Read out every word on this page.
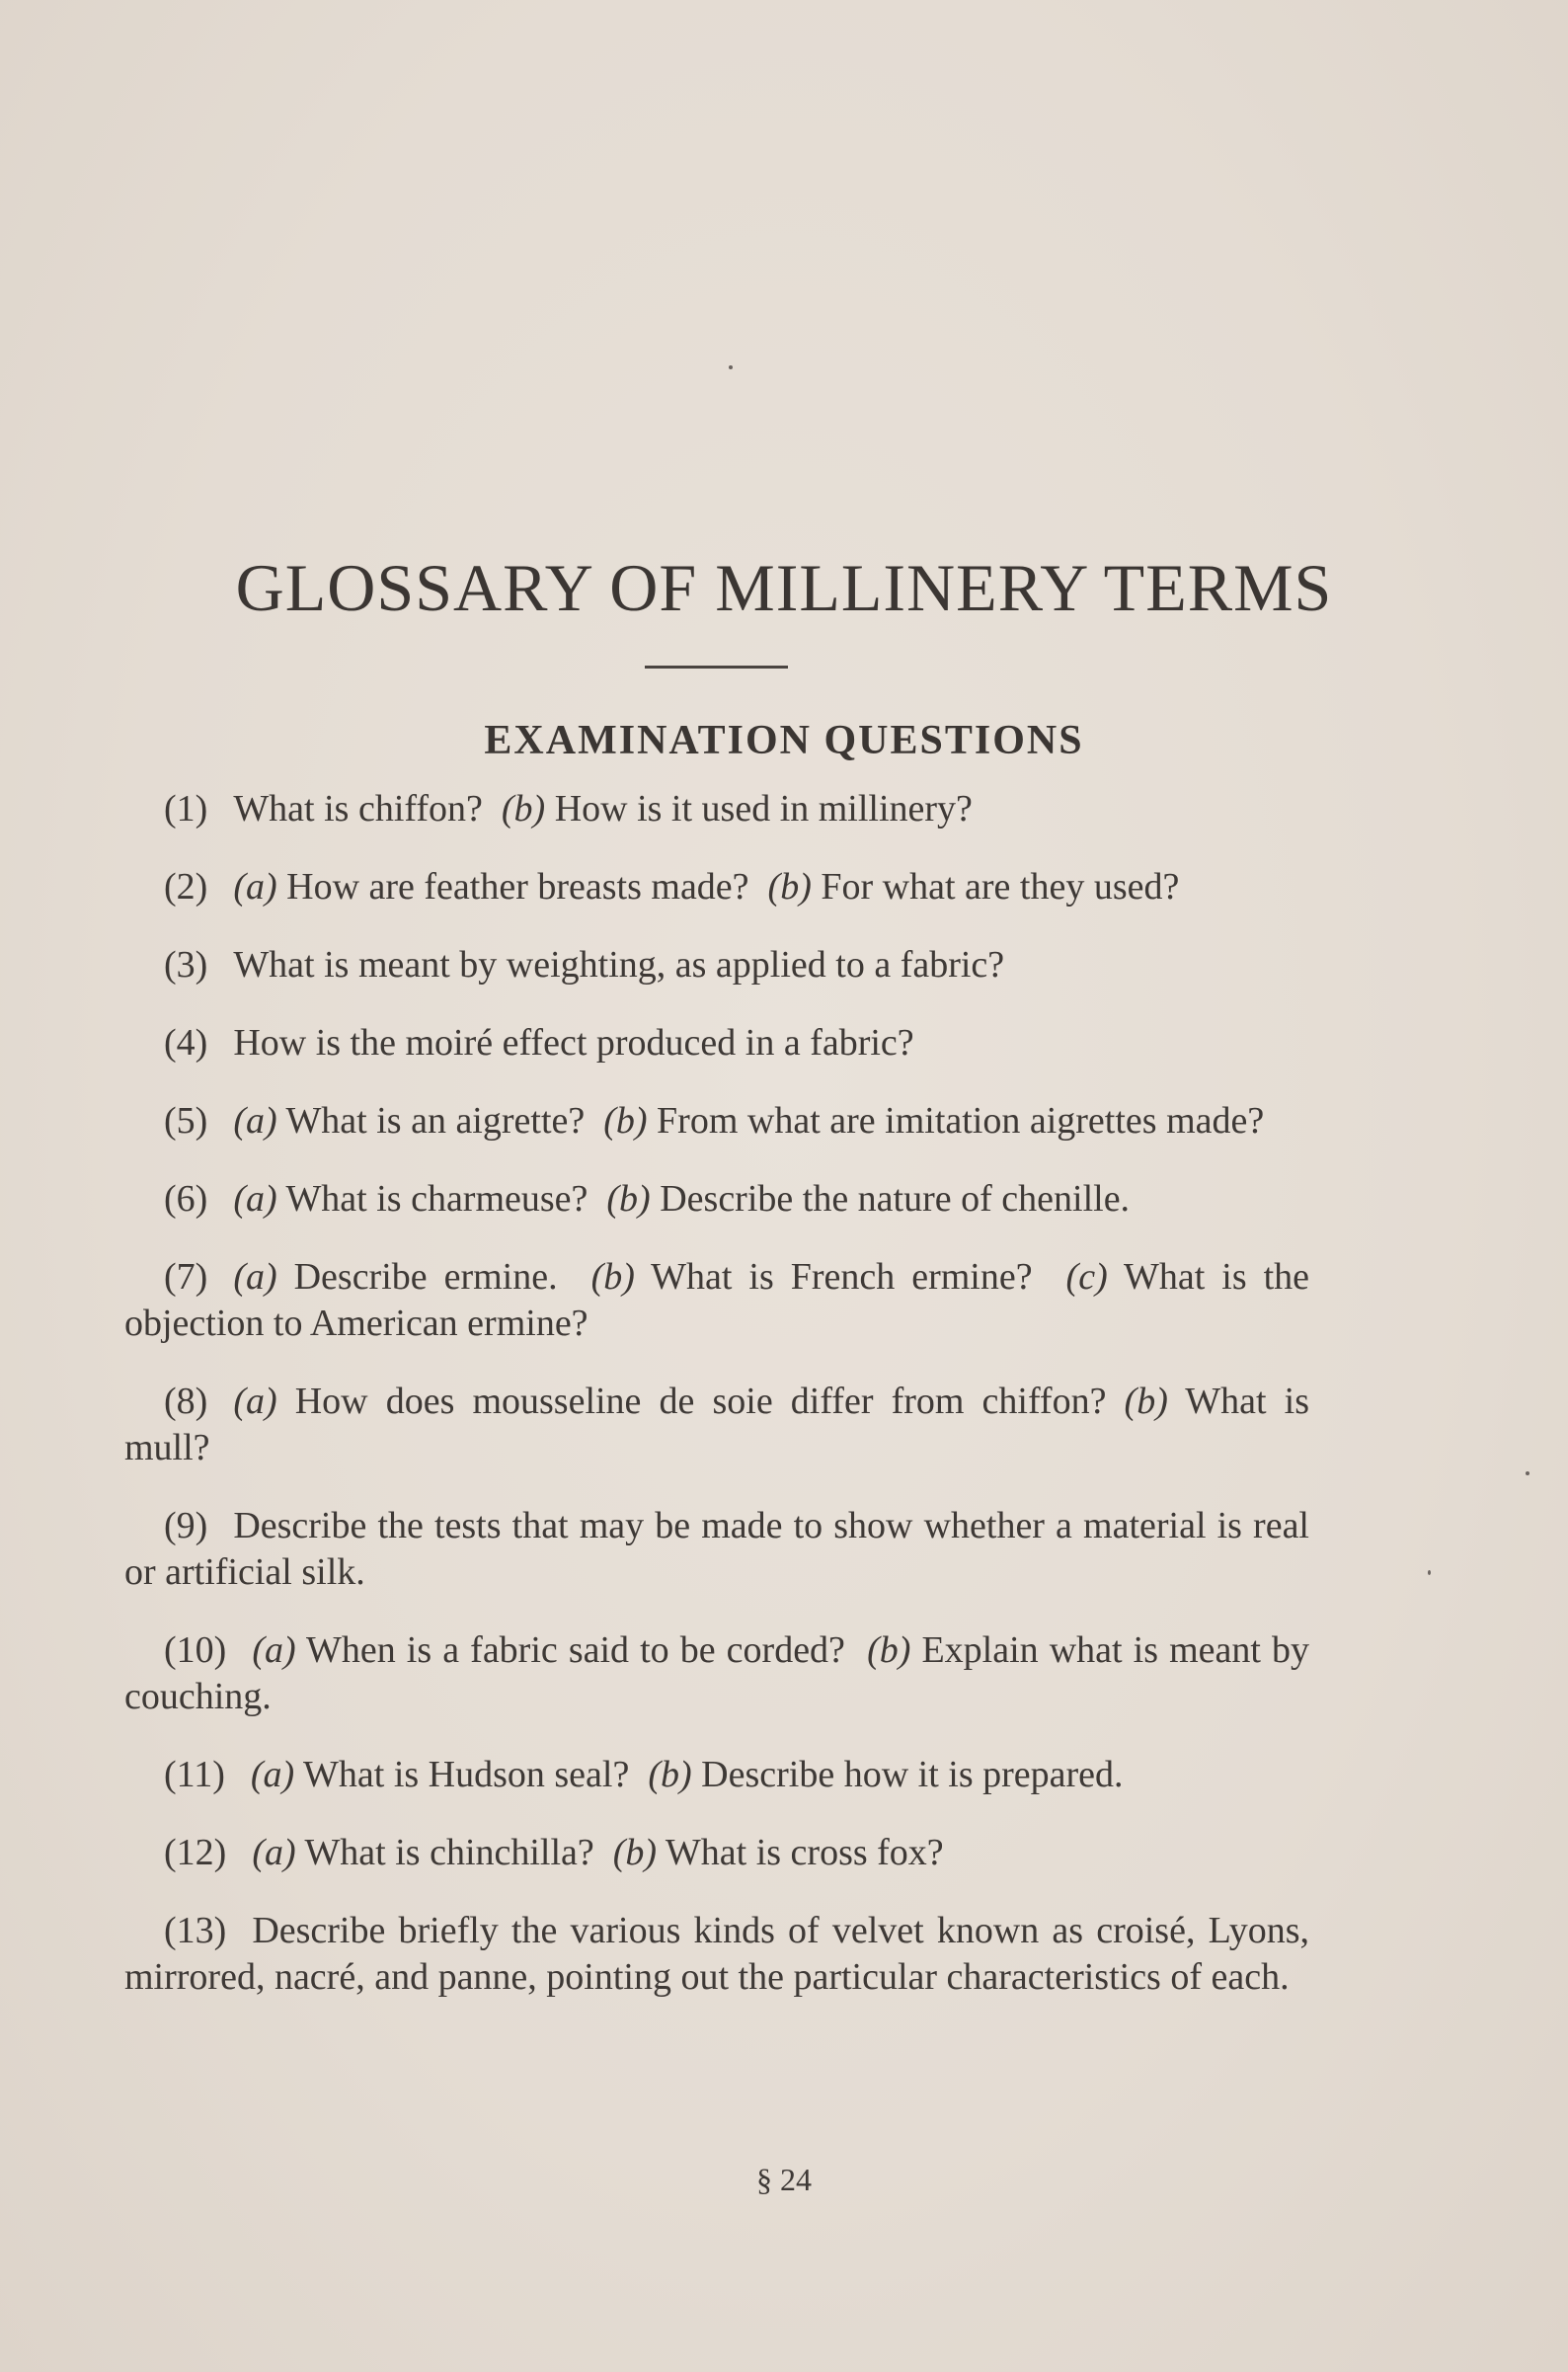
GLOSSARY OF MILLINERY TERMS
EXAMINATION QUESTIONS

(1) What is chiffon?  (b) How is it used in millinery?

(2) (a) How are feather breasts made?  (b) For what are they used?

(3) What is meant by weighting, as applied to a fabric?

(4) How is the moiré effect produced in a fabric?

(5) (a) What is an aigrette?  (b) From what are imitation aigrettes made?

(6) (a) What is charmeuse?  (b) Describe the nature of chenille.

(7) (a) Describe ermine.  (b) What is French ermine?  (c) What is the objection to American ermine?

(8) (a) How does mousseline de soie differ from chiffon? (b) What is mull?

(9) Describe the tests that may be made to show whether a material is real or artificial silk.

(10) (a) When is a fabric said to be corded?  (b) Explain what is meant by couching.

(11) (a) What is Hudson seal?  (b) Describe how it is prepared.

(12) (a) What is chinchilla?  (b) What is cross fox?

(13) Describe briefly the various kinds of velvet known as croisé, Lyons, mirrored, nacré, and panne, pointing out the particular characteristics of each.

§ 24
